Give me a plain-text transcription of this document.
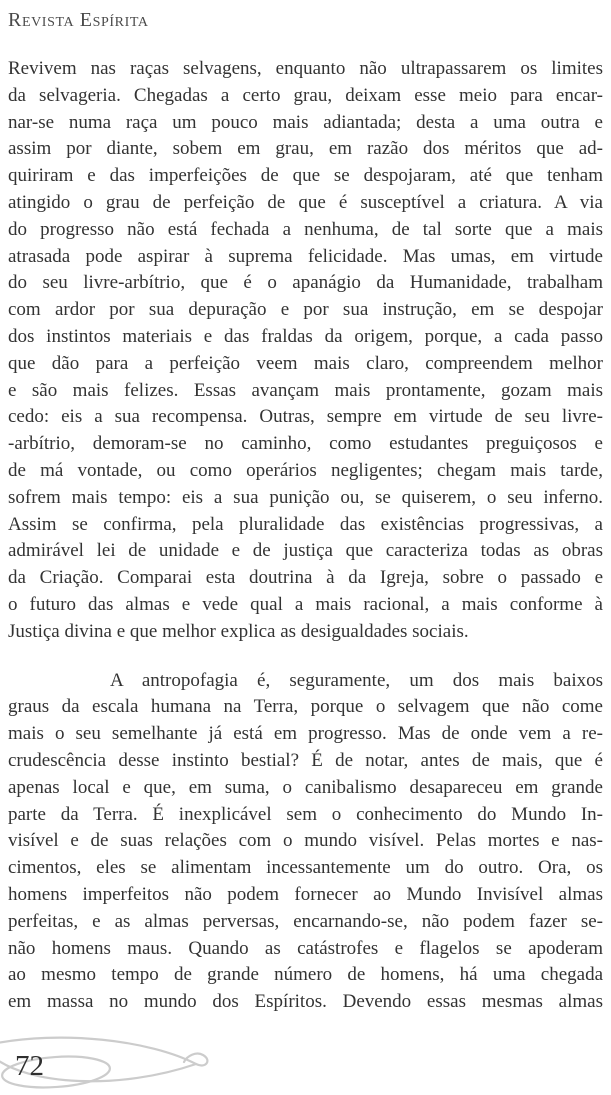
Revista Espírita
Revivem nas raças selvagens, enquanto não ultrapassarem os limites
da selvageria. Chegadas a certo grau, deixam esse meio para encar-
nar-se numa raça um pouco mais adiantada; desta a uma outra e
assim por diante, sobem em grau, em razão dos méritos que ad-
quiriram e das imperfeições de que se despojaram, até que tenham
atingido o grau de perfeição de que é susceptível a criatura. A via
do progresso não está fechada a nenhuma, de tal sorte que a mais
atrasada pode aspirar à suprema felicidade. Mas umas, em virtude
do seu livre-arbítrio, que é o apanágio da Humanidade, trabalham
com ardor por sua depuração e por sua instrução, em se despojar
dos instintos materiais e das fraldas da origem, porque, a cada passo
que dão para a perfeição veem mais claro, compreendem melhor
e são mais felizes. Essas avançam mais prontamente, gozam mais
cedo: eis a sua recompensa. Outras, sempre em virtude de seu livre-
-arbítrio, demoram-se no caminho, como estudantes preguiçosos e
de má vontade, ou como operários negligentes; chegam mais tarde,
sofrem mais tempo: eis a sua punição ou, se quiserem, o seu inferno.
Assim se confirma, pela pluralidade das existências progressivas, a
admirável lei de unidade e de justiça que caracteriza todas as obras
da Criação. Comparai esta doutrina à da Igreja, sobre o passado e
o futuro das almas e vede qual a mais racional, a mais conforme à
Justiça divina e que melhor explica as desigualdades sociais.
A antropofagia é, seguramente, um dos mais baixos
graus da escala humana na Terra, porque o selvagem que não come
mais o seu semelhante já está em progresso. Mas de onde vem a re-
crudescência desse instinto bestial? É de notar, antes de mais, que é
apenas local e que, em suma, o canibalismo desapareceu em grande
parte da Terra. É inexplicável sem o conhecimento do Mundo In-
visível e de suas relações com o mundo visível. Pelas mortes e nas-
cimentos, eles se alimentam incessantemente um do outro. Ora, os
homens imperfeitos não podem fornecer ao Mundo Invisível almas
perfeitas, e as almas perversas, encarnando-se, não podem fazer se-
não homens maus. Quando as catástrofes e flagelos se apoderam
ao mesmo tempo de grande número de homens, há uma chegada
em massa no mundo dos Espíritos. Devendo essas mesmas almas
72
